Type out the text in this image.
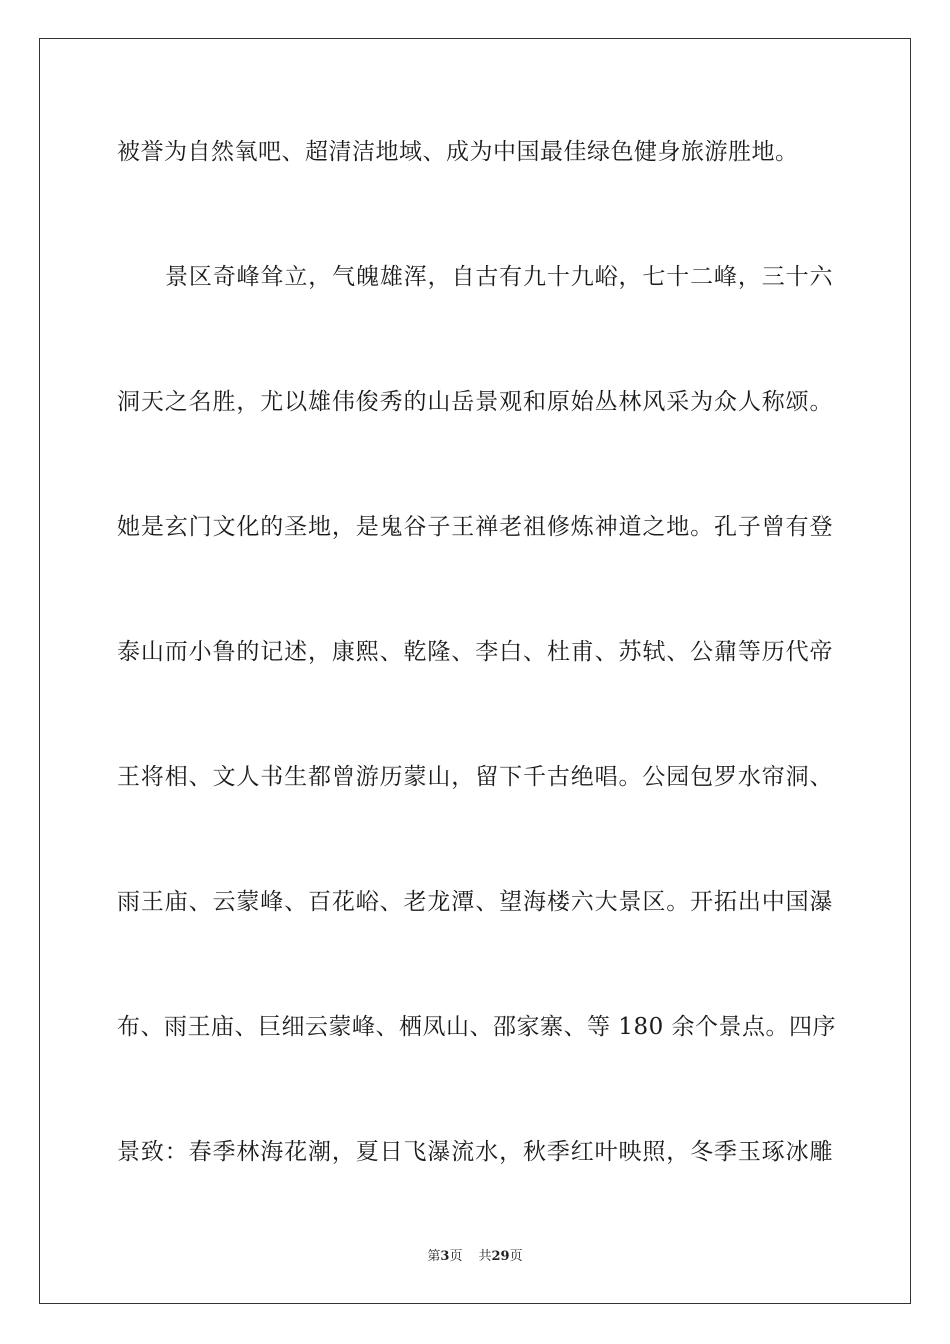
被誉为自然氧吧、超清洁地域、成为中国最佳绿色健身旅游胜地。
景区奇峰耸立，气魄雄浑，自古有九十九峪，七十二峰，三十六
洞天之名胜，尤以雄伟俊秀的山岳景观和原始丛林风采为众人称颂。
她是玄门文化的圣地，是鬼谷子王禅老祖修炼神道之地。孔子曾有登
泰山而小鲁的记述，康熙、乾隆、李白、杜甫、苏轼、公鼐等历代帝
王将相、文人书生都曾游历蒙山，留下千古绝唱。公园包罗水帘洞、
雨王庙、云蒙峰、百花峪、老龙潭、望海楼六大景区。开拓出中国瀑
布、雨王庙、巨细云蒙峰、栖凤山、邵家寨、等 180 余个景点。四序
景致：春季林海花潮，夏日飞瀑流水，秋季红叶映照，冬季玉琢冰雕
第3页 共29页
